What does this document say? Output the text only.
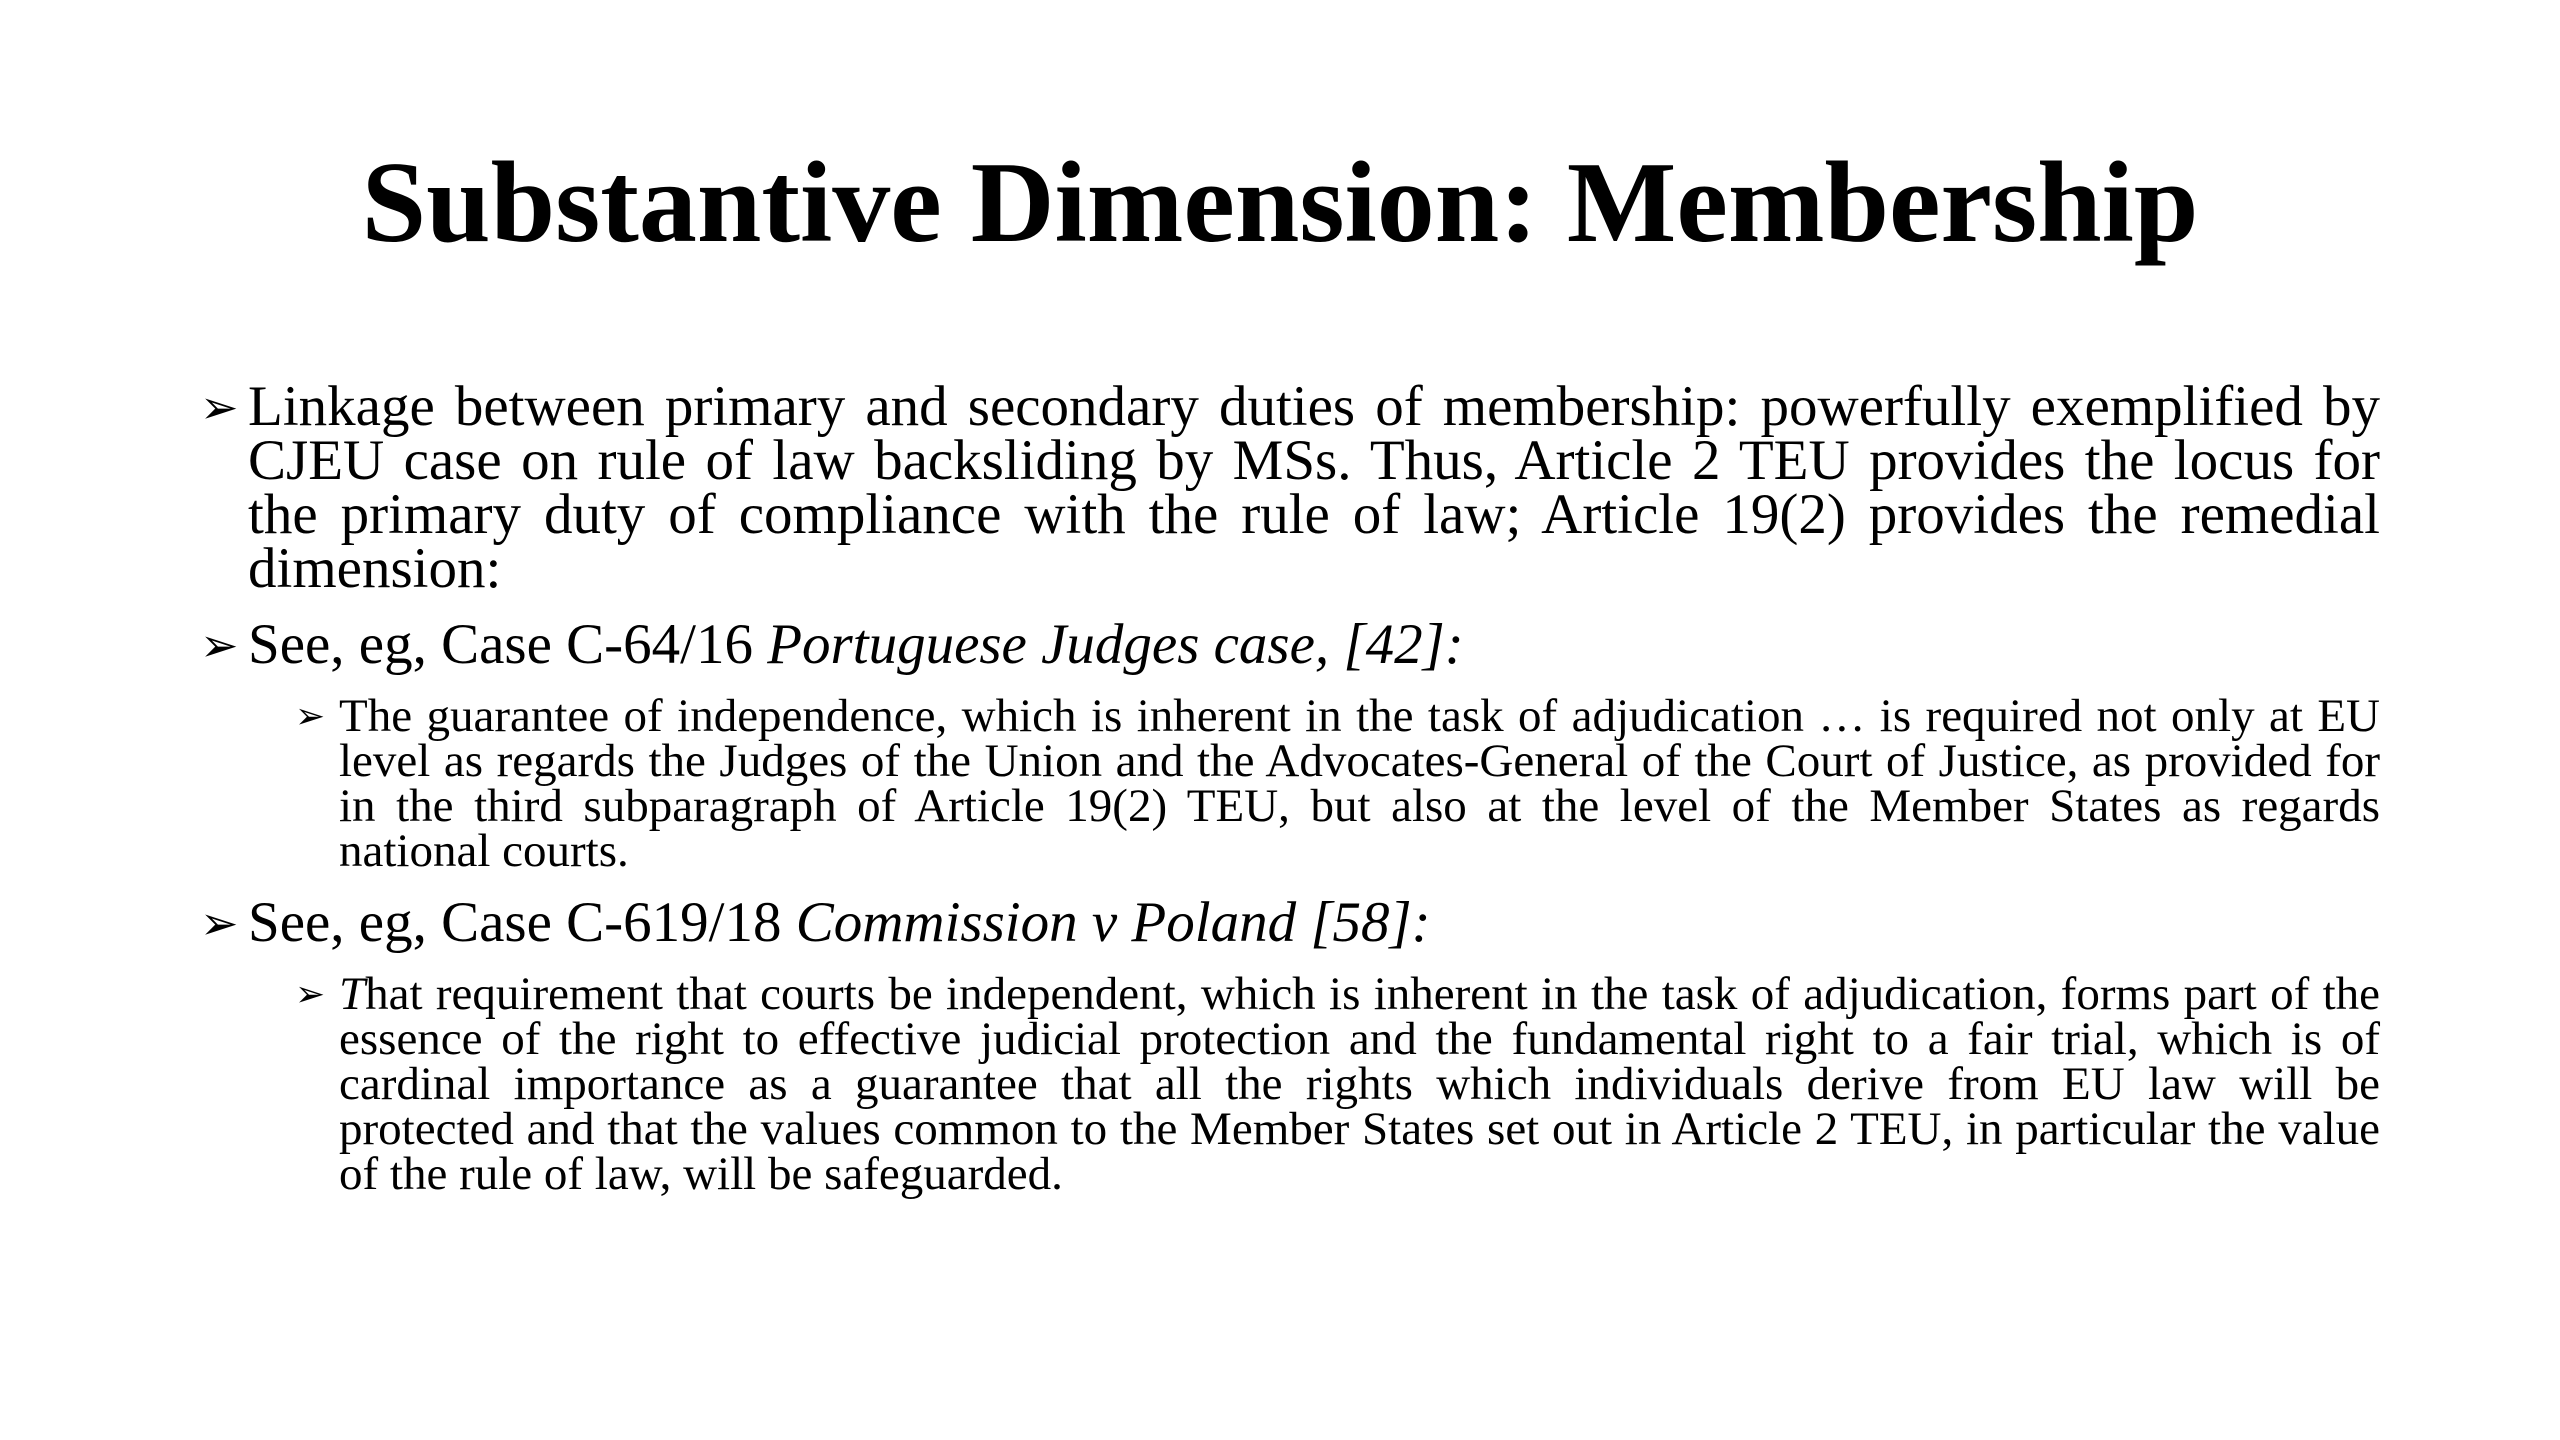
Substantive Dimension: Membership
➢ Linkage between primary and secondary duties of membership: powerfully exemplified by CJEU case on rule of law backsliding by MSs. Thus, Article 2 TEU provides the locus for the primary duty of compliance with the rule of law; Article 19(2) provides the remedial dimension:
➢ See, eg, Case C-64/16 Portuguese Judges case, [42]:
➢ The guarantee of independence, which is inherent in the task of adjudication … is required not only at EU level as regards the Judges of the Union and the Advocates-General of the Court of Justice, as provided for in the third subparagraph of Article 19(2) TEU, but also at the level of the Member States as regards national courts.
➢ See, eg, Case C-619/18 Commission v Poland [58]:
➢ That requirement that courts be independent, which is inherent in the task of adjudication, forms part of the essence of the right to effective judicial protection and the fundamental right to a fair trial, which is of cardinal importance as a guarantee that all the rights which individuals derive from EU law will be protected and that the values common to the Member States set out in Article 2 TEU, in particular the value of the rule of law, will be safeguarded.
